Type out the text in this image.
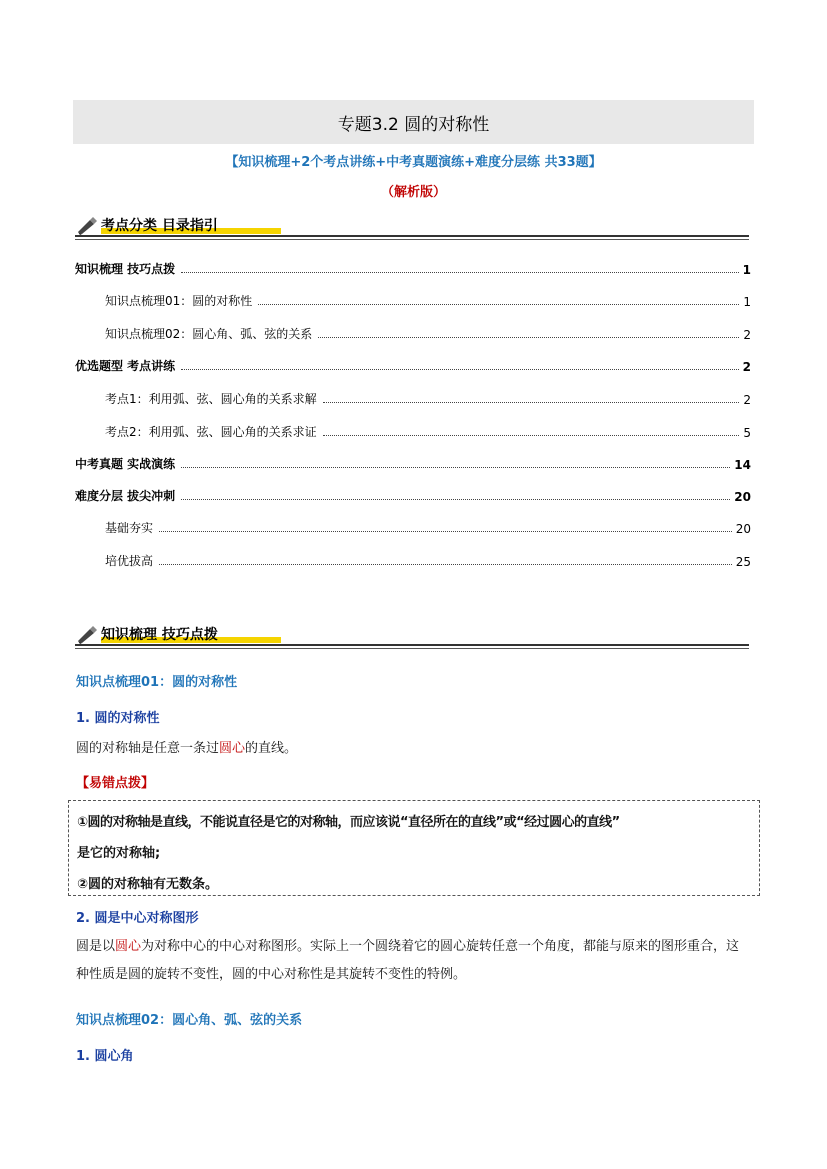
专题3.2 圆的对称性
【知识梳理+2个考点讲练+中考真题演练+难度分层练 共33题】
（解析版）
考点分类 目录指引
知识梳理 技巧点拨	1
知识点梳理01：圆的对称性	1
知识点梳理02：圆心角、弧、弦的关系	2
优选题型 考点讲练	2
考点1：利用弧、弦、圆心角的关系求解	2
考点2：利用弧、弦、圆心角的关系求证	5
中考真题 实战演练	14
难度分层 拔尖冲刺	20
基础夯实	20
培优拔高	25
知识梳理 技巧点拨
知识点梳理01：圆的对称性
1. 圆的对称性
圆的对称轴是任意一条过圆心的直线。
【易错点拨】
①圆的对称轴是直线，不能说直径是它的对称轴，而应该说“直径所在的直线”或“经过圆心的直线”
是它的对称轴;
②圆的对称轴有无数条。
2. 圆是中心对称图形
圆是以圆心为对称中心的中心对称图形。实际上一个圆绕着它的圆心旋转任意一个角度，都能与原来的图形重合，这种性质是圆的旋转不变性，圆的中心对称性是其旋转不变性的特例。
知识点梳理02：圆心角、弧、弦的关系
1. 圆心角
